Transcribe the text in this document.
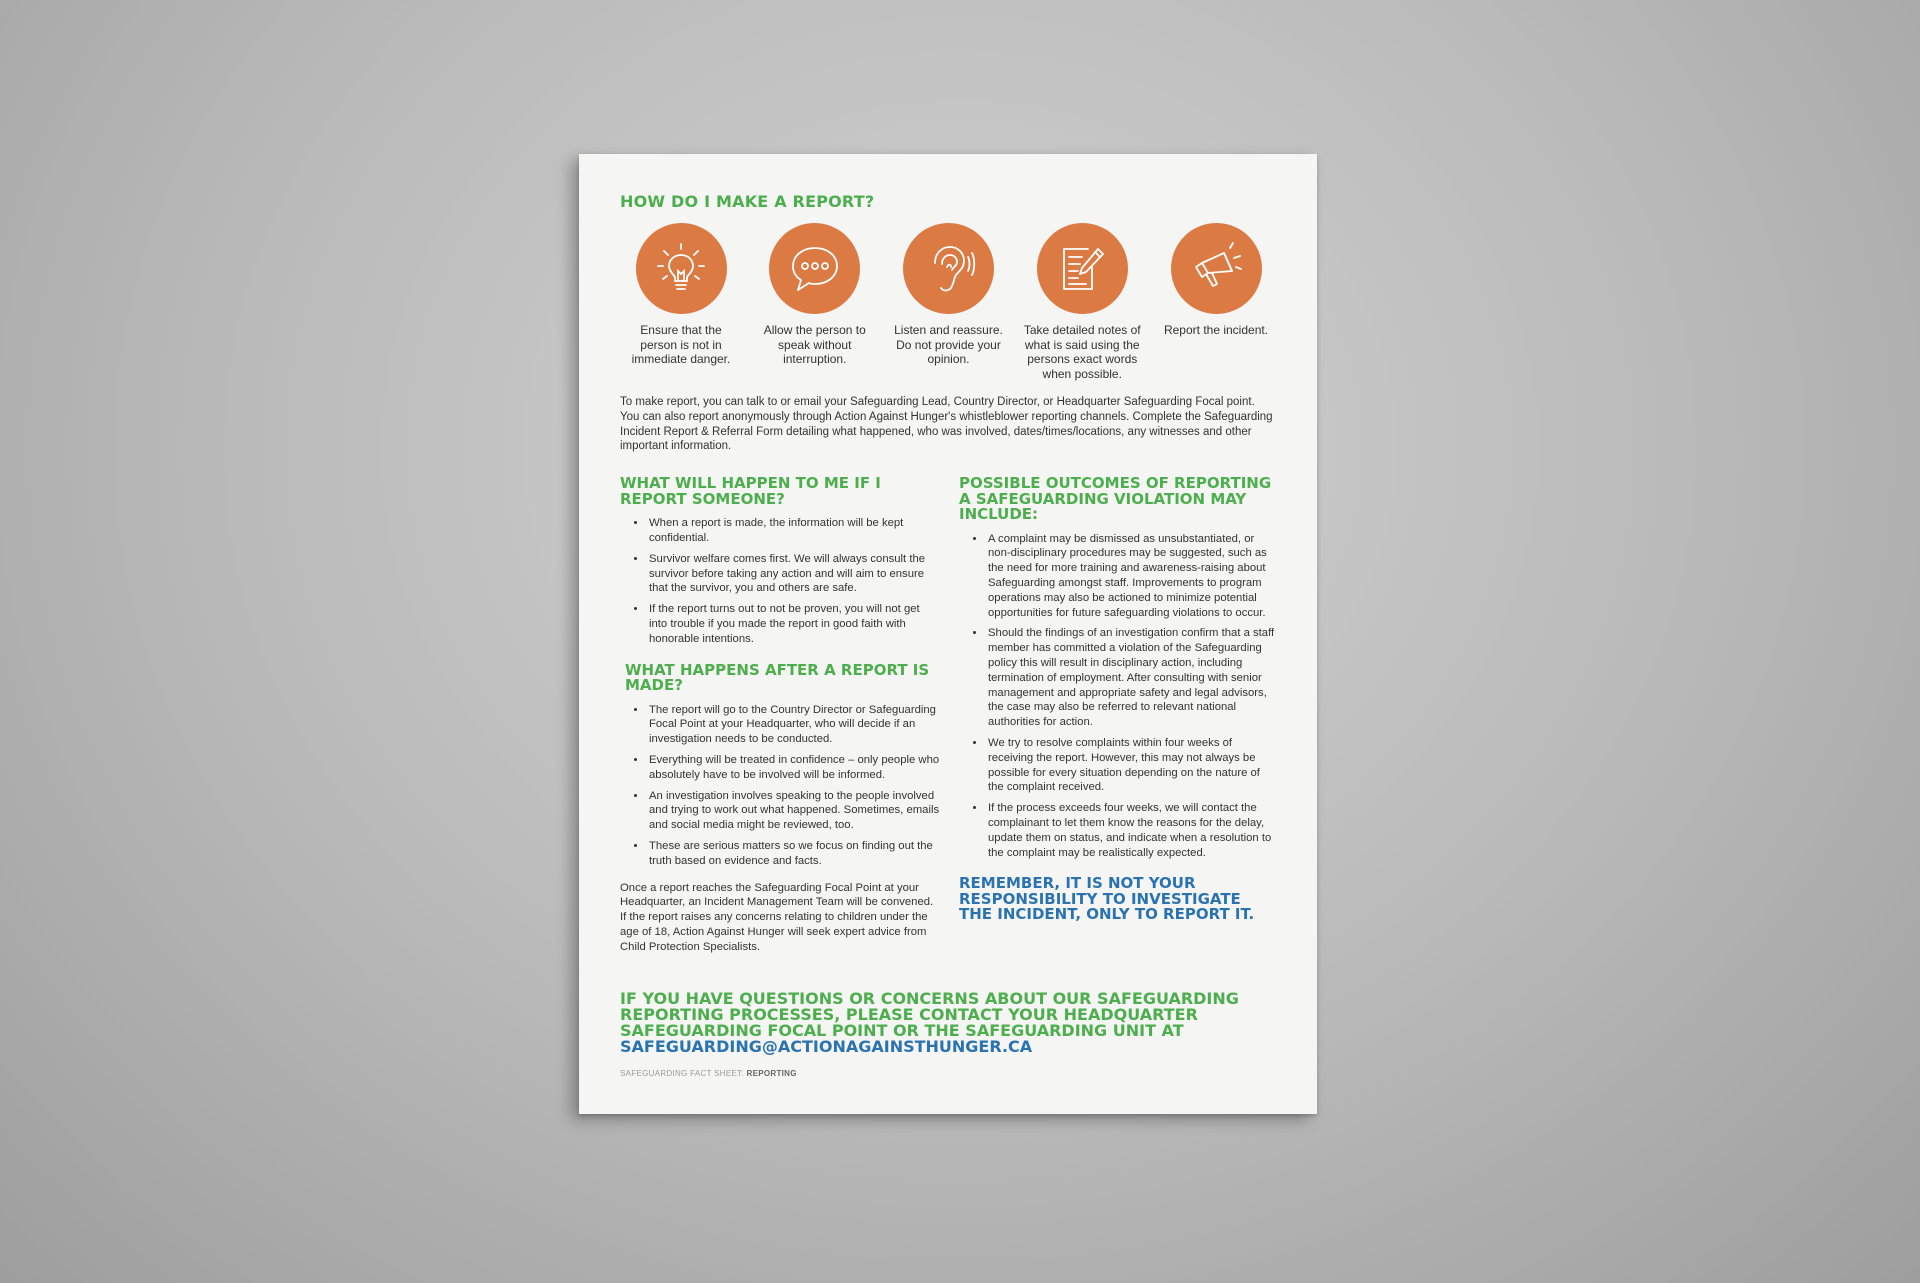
HOW DO I MAKE A REPORT?
Ensure that the person is not in immediate danger.
Allow the person to speak without interruption.
Listen and reassure. Do not provide your opinion.
Take detailed notes of what is said using the persons exact words when possible.
Report the incident.
To make report, you can talk to or email your Safeguarding Lead, Country Director, or Headquarter Safeguarding Focal point. You can also report anonymously through Action Against Hunger's whistleblower reporting channels. Complete the Safeguarding Incident Report & Referral Form detailing what happened, who was involved, dates/times/locations, any witnesses and other important information.
WHAT WILL HAPPEN TO ME IF I REPORT SOMEONE?
• When a report is made, the information will be kept confidential.
• Survivor welfare comes first. We will always consult the survivor before taking any action and will aim to ensure that the survivor, you and others are safe.
• If the report turns out to not be proven, you will not get into trouble if you made the report in good faith with honorable intentions.
WHAT HAPPENS AFTER A REPORT IS MADE?
• The report will go to the Country Director or Safeguarding Focal Point at your Headquarter, who will decide if an investigation needs to be conducted.
• Everything will be treated in confidence – only people who absolutely have to be involved will be informed.
• An investigation involves speaking to the people involved and trying to work out what happened. Sometimes, emails and social media might be reviewed, too.
• These are serious matters so we focus on finding out the truth based on evidence and facts.
Once a report reaches the Safeguarding Focal Point at your Headquarter, an Incident Management Team will be convened. If the report raises any concerns relating to children under the age of 18, Action Against Hunger will seek expert advice from Child Protection Specialists.
POSSIBLE OUTCOMES OF REPORTING A SAFEGUARDING VIOLATION MAY INCLUDE:
• A complaint may be dismissed as unsubstantiated, or non-disciplinary procedures may be suggested, such as the need for more training and awareness-raising about Safeguarding amongst staff. Improvements to program operations may also be actioned to minimize potential opportunities for future safeguarding violations to occur.
• Should the findings of an investigation confirm that a staff member has committed a violation of the Safeguarding policy this will result in disciplinary action, including termination of employment. After consulting with senior management and appropriate safety and legal advisors, the case may also be referred to relevant national authorities for action.
• We try to resolve complaints within four weeks of receiving the report. However, this may not always be possible for every situation depending on the nature of the complaint received.
• If the process exceeds four weeks, we will contact the complainant to let them know the reasons for the delay, update them on status, and indicate when a resolution to the complaint may be realistically expected.
REMEMBER, IT IS NOT YOUR RESPONSIBILITY TO INVESTIGATE THE INCIDENT, ONLY TO REPORT IT.
IF YOU HAVE QUESTIONS OR CONCERNS ABOUT OUR SAFEGUARDING REPORTING PROCESSES, PLEASE CONTACT YOUR HEADQUARTER SAFEGUARDING FOCAL POINT OR THE SAFEGUARDING UNIT AT
SAFEGUARDING@ACTIONAGAINSTHUNGER.CA
SAFEGUARDING FACT SHEET: REPORTING
